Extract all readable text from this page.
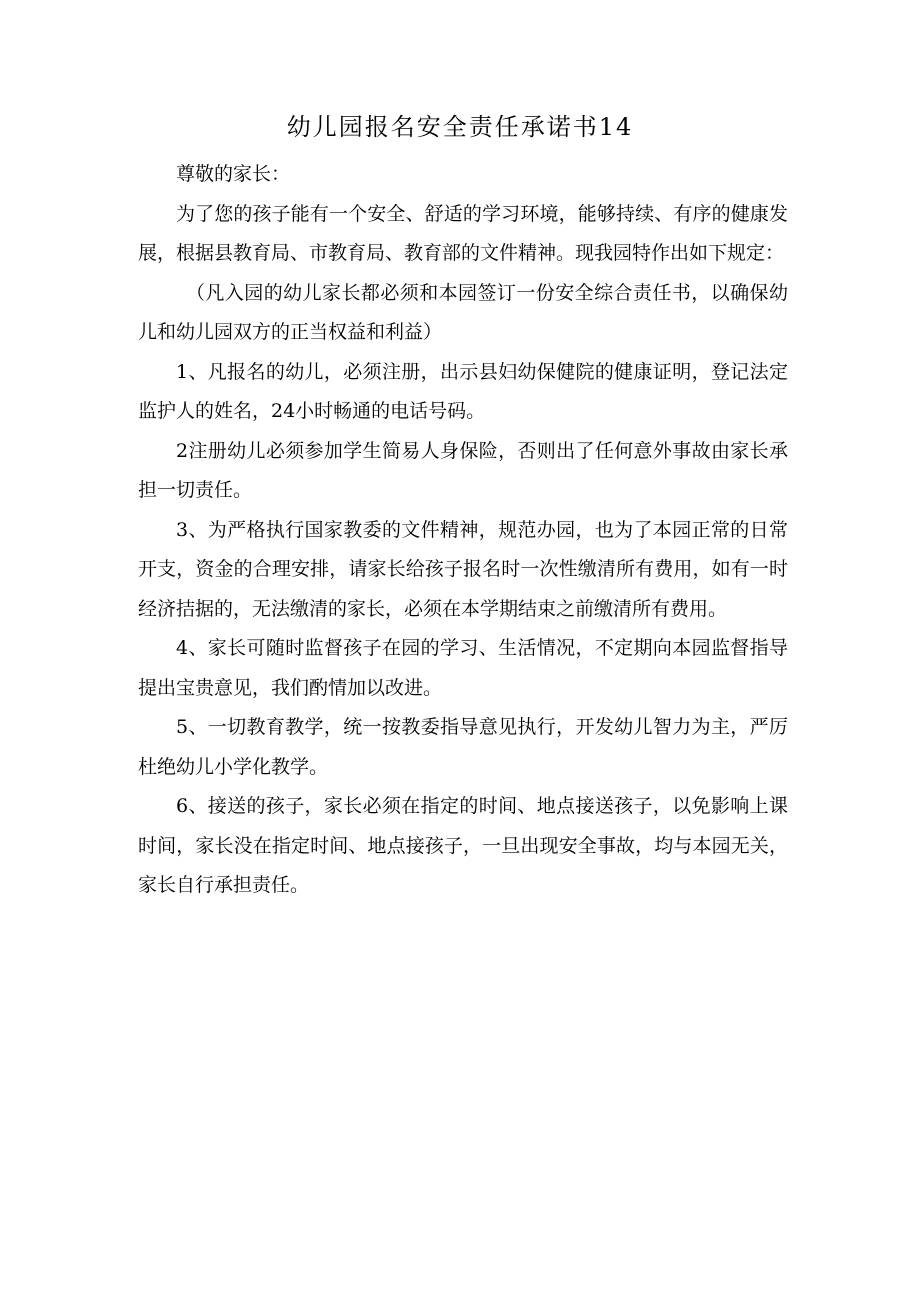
幼儿园报名安全责任承诺书14

尊敬的家长：

为了您的孩子能有一个安全、舒适的学习环境，能够持续、有序的健康发展，根据县教育局、市教育局、教育部的文件精神。现我园特作出如下规定：

（凡入园的幼儿家长都必须和本园签订一份安全综合责任书，以确保幼儿和幼儿园双方的正当权益和利益）

1、凡报名的幼儿，必须注册，出示县妇幼保健院的健康证明，登记法定监护人的姓名，24小时畅通的电话号码。

2注册幼儿必须参加学生简易人身保险，否则出了任何意外事故由家长承担一切责任。

3、为严格执行国家教委的文件精神，规范办园，也为了本园正常的日常开支，资金的合理安排，请家长给孩子报名时一次性缴清所有费用，如有一时经济拮据的，无法缴清的家长，必须在本学期结束之前缴清所有费用。

4、家长可随时监督孩子在园的学习、生活情况，不定期向本园监督指导提出宝贵意见，我们酌情加以改进。

5、一切教育教学，统一按教委指导意见执行，开发幼儿智力为主，严厉杜绝幼儿小学化教学。

6、接送的孩子，家长必须在指定的时间、地点接送孩子，以免影响上课时间，家长没在指定时间、地点接孩子，一旦出现安全事故，均与本园无关，家长自行承担责任。
